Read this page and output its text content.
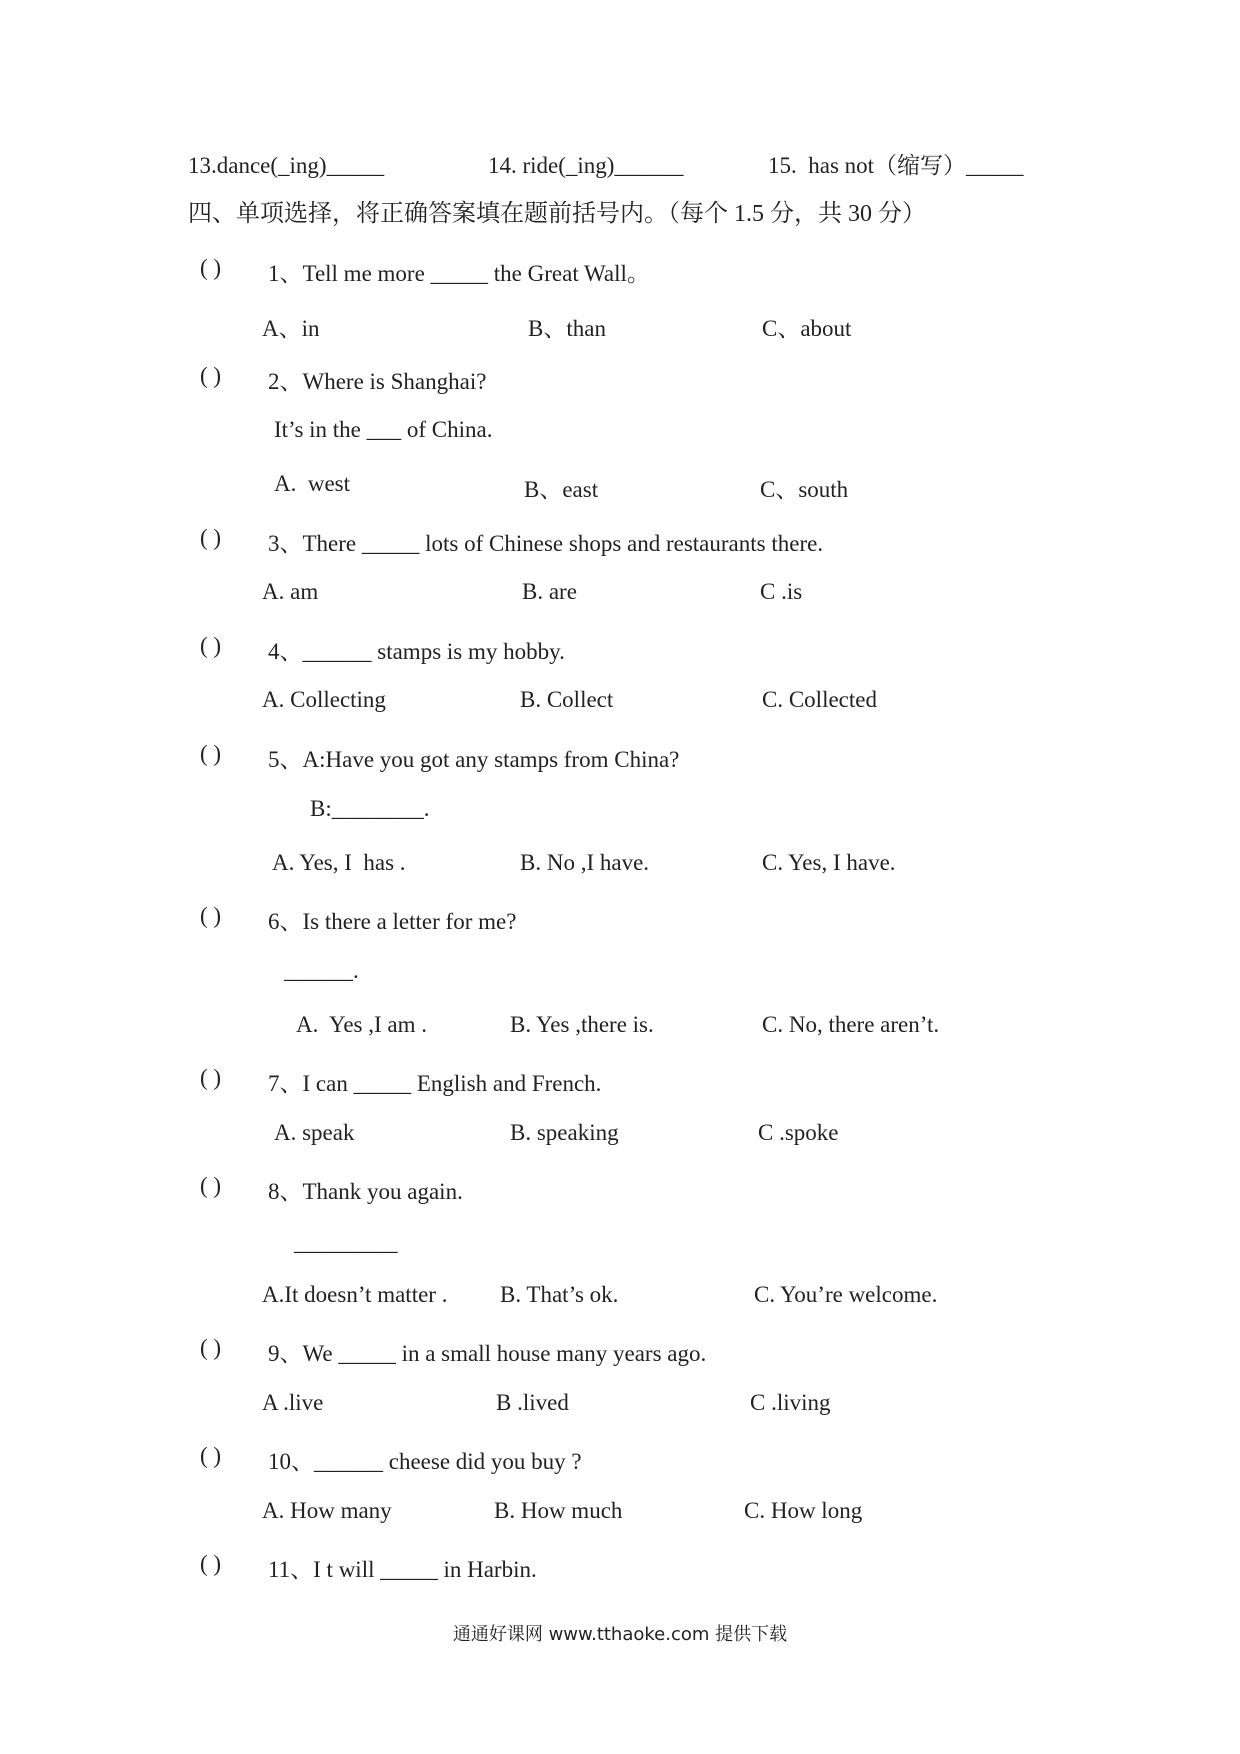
13.dance(_ing)_____	14. ride(_ing)______	15.  has not（缩写）_____
四、单项选择，将正确答案填在题前括号内。（每个 1.5 分，共 30 分）
( ) 1、Tell me more _____ the Great Wall。
A、in	B、than	C、about
( ) 2、Where is Shanghai?
It’s in the ___ of China.
A.  west	B、east	C、south
( ) 3、There _____ lots of Chinese shops and restaurants there.
A. am	B. are	C .is
( ) 4、______ stamps is my hobby.
A. Collecting	B. Collect	C. Collected
( ) 5、A:Have you got any stamps from China?
B:________.
A. Yes, I  has .	B. No ,I have.	C. Yes, I have.
( ) 6、Is there a letter for me?
______.
A.  Yes ,I am .	B. Yes ,there is.	C. No, there aren’t.
( ) 7、I can _____ English and French.
A. speak	B. speaking	C .spoke
( ) 8、Thank you again.
_________
A.It doesn’t matter . B. That’s ok.	C. You’re welcome.
( ) 9、We _____ in a small house many years ago.
A .live	B .lived	C .living
( ) 10、______ cheese did you buy ?
A. How many	B. How much	C. How long
( ) 11、I t will _____ in Harbin.
通通好课网 www.tthaoke.com 提供下载
